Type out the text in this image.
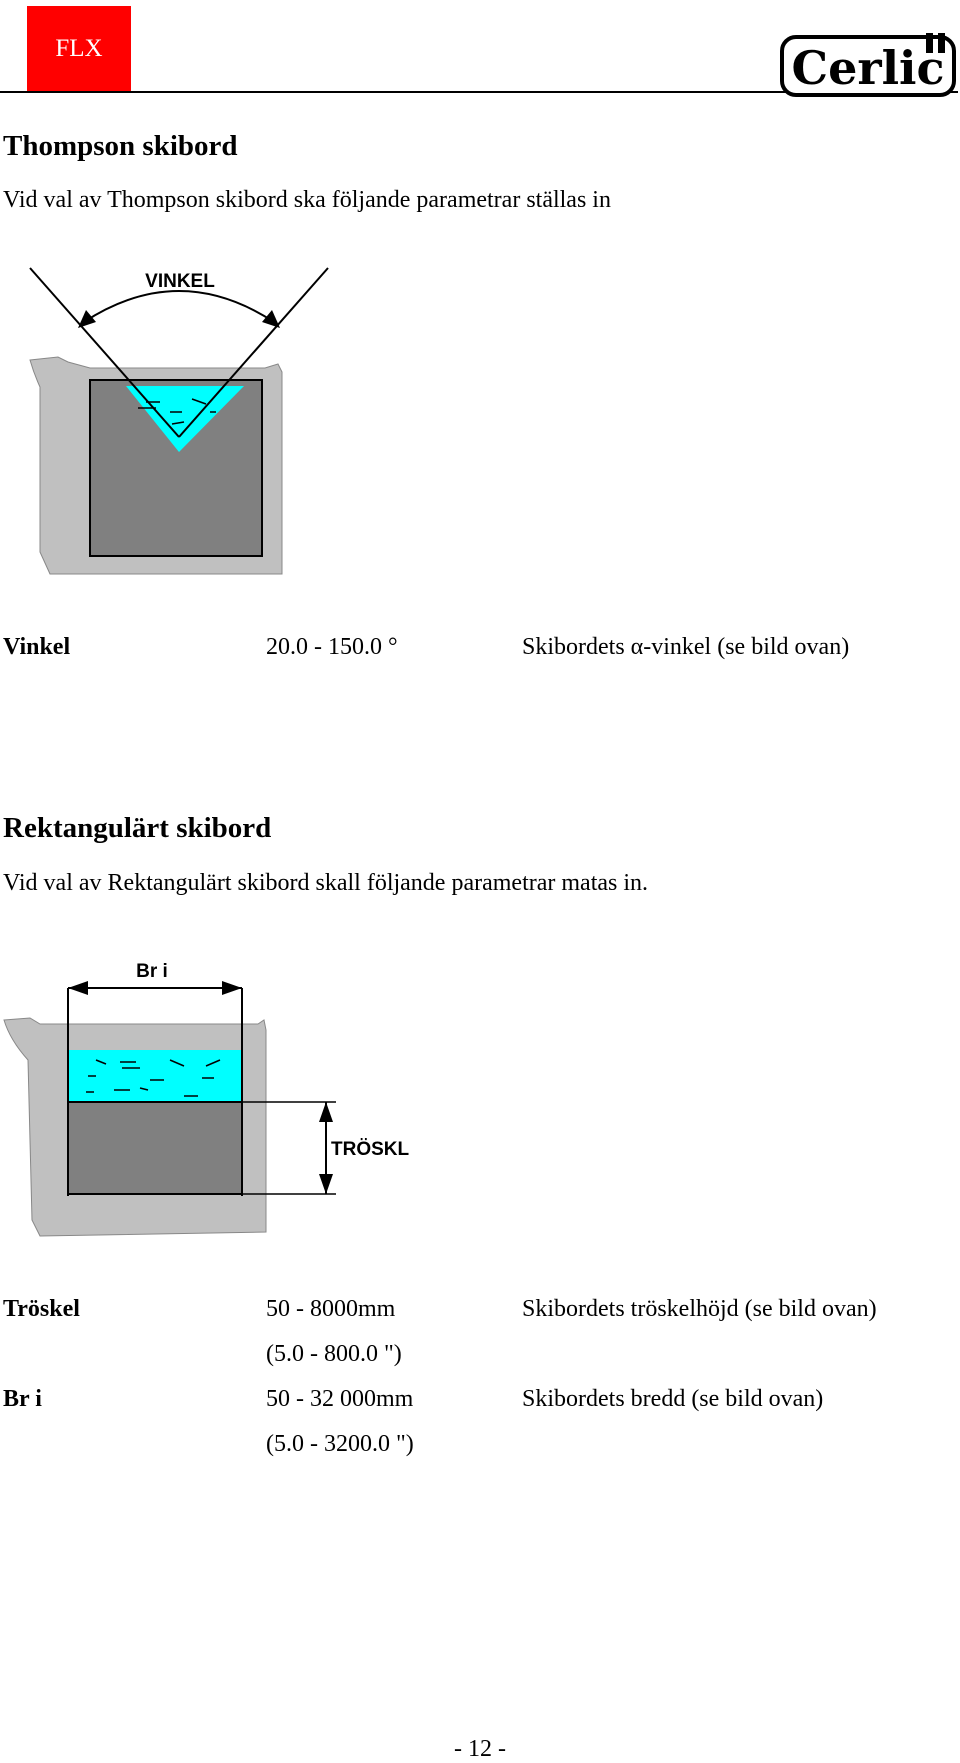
FLX	Cerlic
Thompson skibord
Vid val av Thompson skibord ska följande parametrar ställas in
VINKEL
Vinkel	20.0 - 150.0 °	Skibordets α-vinkel (se bild ovan)
Rektangulärt skibord
Vid val av Rektangulärt skibord skall följande parametrar matas in.
Br i
TRÖSKL
Tröskel	50 - 8000mm	Skibordets tröskelhöjd (se bild ovan)
(5.0 - 800.0 ")
Br i	50 - 32 000mm	Skibordets bredd (se bild ovan)
(5.0 - 3200.0 ")
- 12 -
